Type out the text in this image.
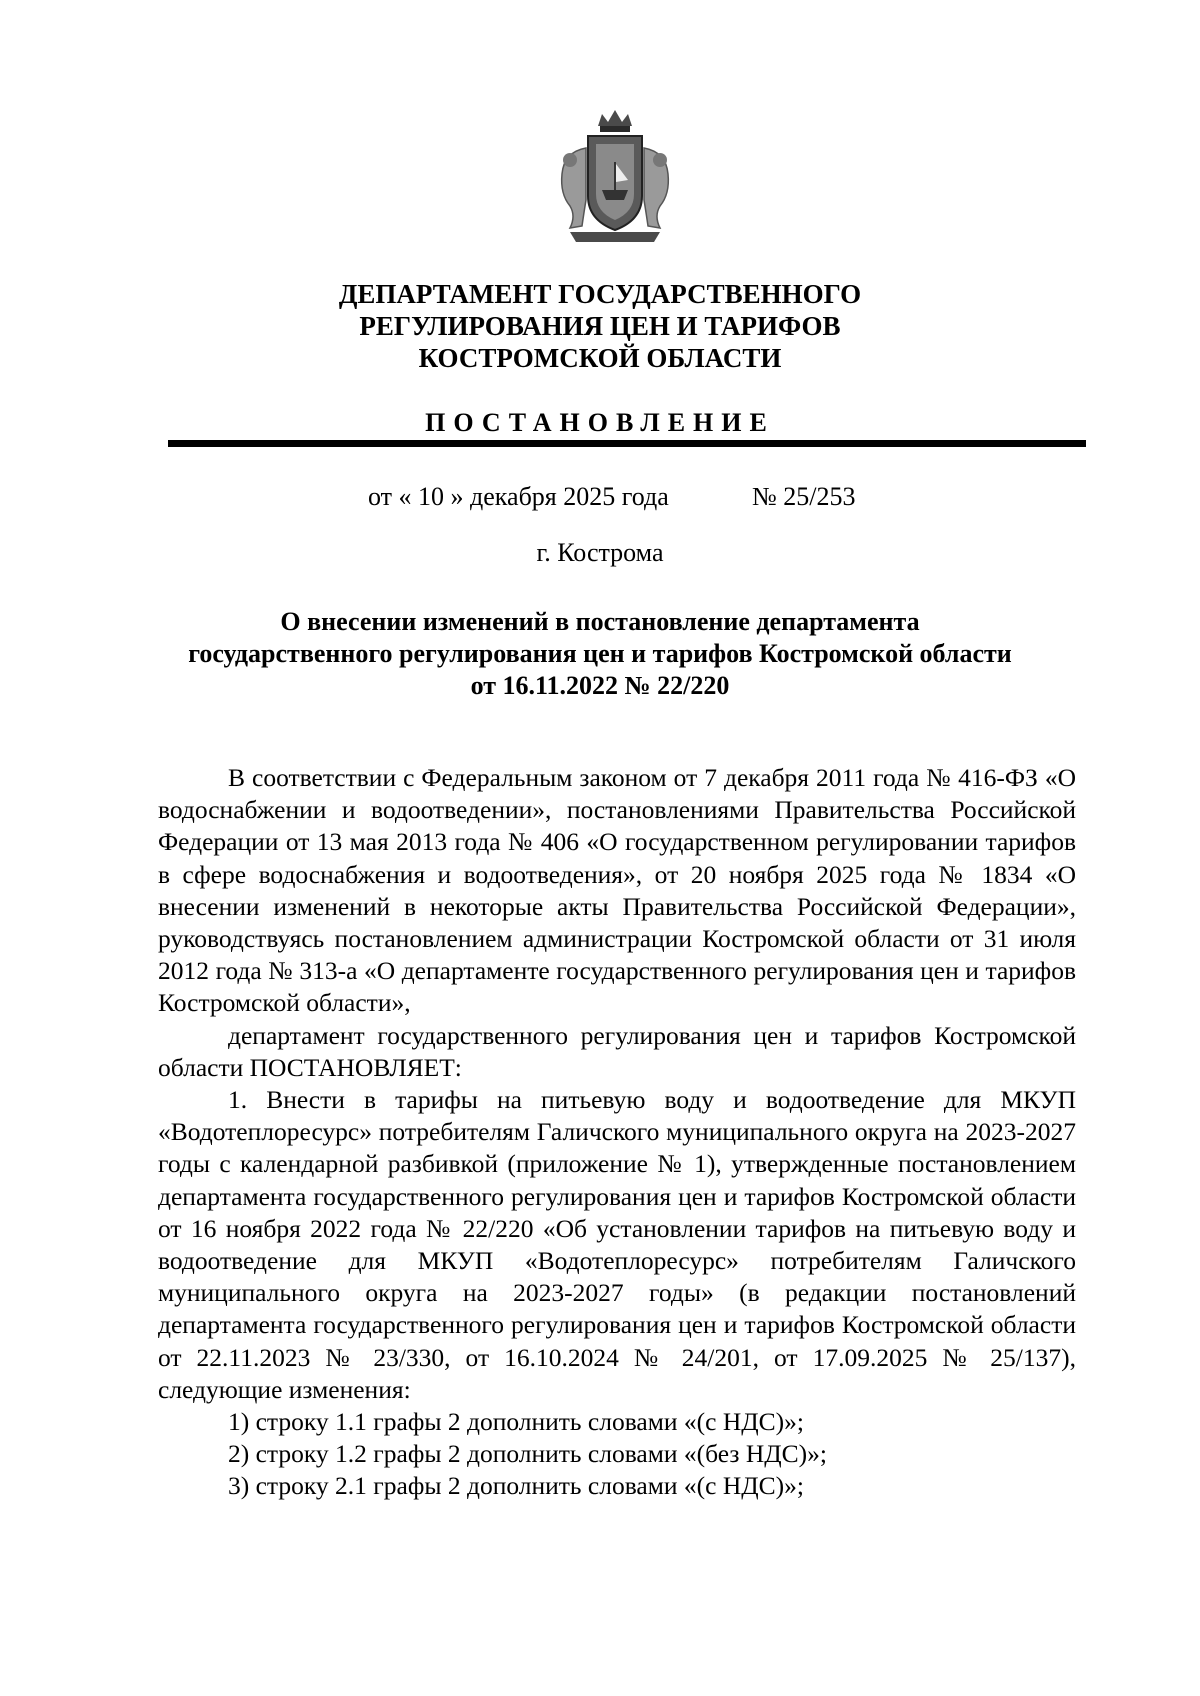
ДЕПАРТАМЕНТ ГОСУДАРСТВЕННОГО
РЕГУЛИРОВАНИЯ ЦЕН И ТАРИФОВ
КОСТРОМСКОЙ ОБЛАСТИ
ПОСТАНОВЛЕНИЕ
от « 10 » декабря 2025 года	№ 25/253
г. Кострома
О внесении изменений в постановление департамента
государственного регулирования цен и тарифов Костромской области
от 16.11.2022 № 22/220

В соответствии с Федеральным законом от 7 декабря 2011 года № 416-ФЗ «О водоснабжении и водоотведении», постановлениями Правительства Российской Федерации от 13 мая 2013 года № 406 «О государственном регулировании тарифов в сфере водоснабжения и водоотведения», от 20 ноября 2025 года № 1834 «О внесении изменений в некоторые акты Правительства Российской Федерации», руководствуясь постановлением администрации Костромской области от 31 июля 2012 года № 313-а «О департаменте государственного регулирования цен и тарифов Костромской области»,

департамент государственного регулирования цен и тарифов Костромской области ПОСТАНОВЛЯЕТ:

1. Внести в тарифы на питьевую воду и водоотведение для МКУП «Водотеплоресурс» потребителям Галичского муниципального округа на 2023-2027 годы с календарной разбивкой (приложение № 1), утвержденные постановлением департамента государственного регулирования цен и тарифов Костромской области от 16 ноября 2022 года № 22/220 «Об установлении тарифов на питьевую воду и водоотведение для МКУП «Водотеплоресурс» потребителям Галичского муниципального округа на 2023-2027 годы» (в редакции постановлений департамента государственного регулирования цен и тарифов Костромской области от 22.11.2023 № 23/330, от 16.10.2024 № 24/201, от 17.09.2025 № 25/137), следующие изменения:

1) строку 1.1 графы 2 дополнить словами «(с НДС)»;

2) строку 1.2 графы 2 дополнить словами «(без НДС)»;

3) строку 2.1 графы 2 дополнить словами «(с НДС)»;
